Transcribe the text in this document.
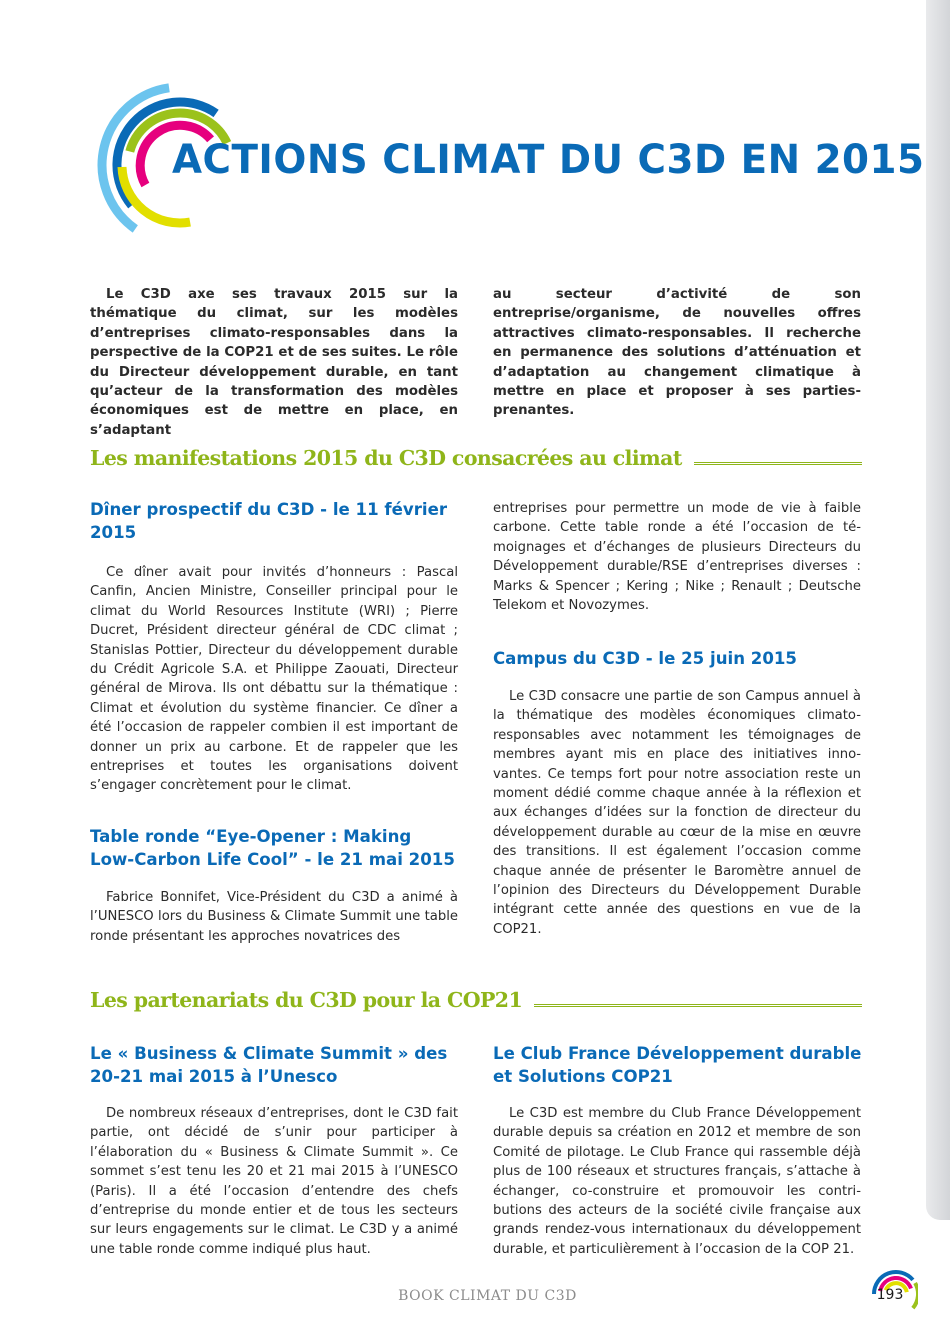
ACTIONS CLIMAT DU C3D EN 2015

Le C3D axe ses travaux 2015 sur la thématique du climat, sur les modèles d’entreprises climato-responsables dans la perspective de la COP21 et de ses suites. Le rôle du Directeur développement durable, en tant qu’acteur de la transformation des modèles économiques est de mettre en place, en s’adaptant

au secteur d’activité de son entreprise/organisme, de nouvelles offres attractives climato-responsables. Il recherche en permanence des solutions d’atténuation et d’adaptation au changement climatique à mettre en place et proposer à ses parties-prenantes.

Les manifestations 2015 du C3D consacrées au climat
Dîner prospectif du C3D - le 11 février 2015

Ce dîner avait pour invités d’honneurs : Pascal Canfin, Ancien Ministre, Conseiller principal pour le climat du World Resources Institute (WRI) ; Pierre Ducret, Président directeur général de CDC climat ; Stanislas Pottier, Directeur du développement durable du Crédit Agricole S.A. et Philippe Zaouati, Directeur général de Mirova. Ils ont débattu sur la thématique : Climat et évolution du système financier. Ce dîner a été l’occasion de rappeler combien il est important de donner un prix au carbone. Et de rappeler que les entreprises et toutes les organisations doivent s’engager concrètement pour le climat.

Table ronde “Eye-Opener : Making Low-Carbon Life Cool” - le 21 mai 2015

Fabrice Bonnifet, Vice-Président du C3D a animé à l’UNESCO lors du Business & Climate Summit une table ronde présentant les approches novatrices des

entreprises pour permettre un mode de vie à faible carbone. Cette table ronde a été l’occasion de témoignages et d’échanges de plusieurs Directeurs du Développement durable/RSE d’entreprises diverses : Marks & Spencer ; Kering ; Nike ; Renault ; Deutsche Telekom et Novozymes.

Campus du C3D - le 25 juin 2015

Le C3D consacre une partie de son Campus annuel à la thématique des modèles économiques climato-responsables avec notamment les témoignages de membres ayant mis en place des initiatives innovantes. Ce temps fort pour notre association reste un moment dédié comme chaque année à la réflexion et aux échanges d’idées sur la fonction de directeur du développement durable au cœur de la mise en œuvre des transitions. Il est également l’occasion comme chaque année de présenter le Baromètre annuel de l’opinion des Directeurs du Développement Durable intégrant cette année des questions en vue de la COP21.

Les partenariats du C3D pour la COP21
Le « Business & Climate Summit » des 20-21 mai 2015 à l’Unesco

De nombreux réseaux d’entreprises, dont le C3D fait partie, ont décidé de s’unir pour participer à l’élaboration du « Business & Climate Summit ». Ce sommet s’est tenu les 20 et 21 mai 2015 à l’UNESCO (Paris). Il a été l’occasion d’entendre des chefs d’entreprise du monde entier et de tous les secteurs sur leurs engagements sur le climat. Le C3D y a animé une table ronde comme indiqué plus haut.

Le Club France Développement durable et Solutions COP21

Le C3D est membre du Club France Développement durable depuis sa création en 2012 et membre de son Comité de pilotage. Le Club France qui rassemble déjà plus de 100 réseaux et structures français, s’attache à échanger, co-construire et promouvoir les contributions des acteurs de la société civile française aux grands rendez-vous internationaux du développement durable, et particulièrement à l’occasion de la COP 21.

BOOK CLIMAT DU C3D	193
